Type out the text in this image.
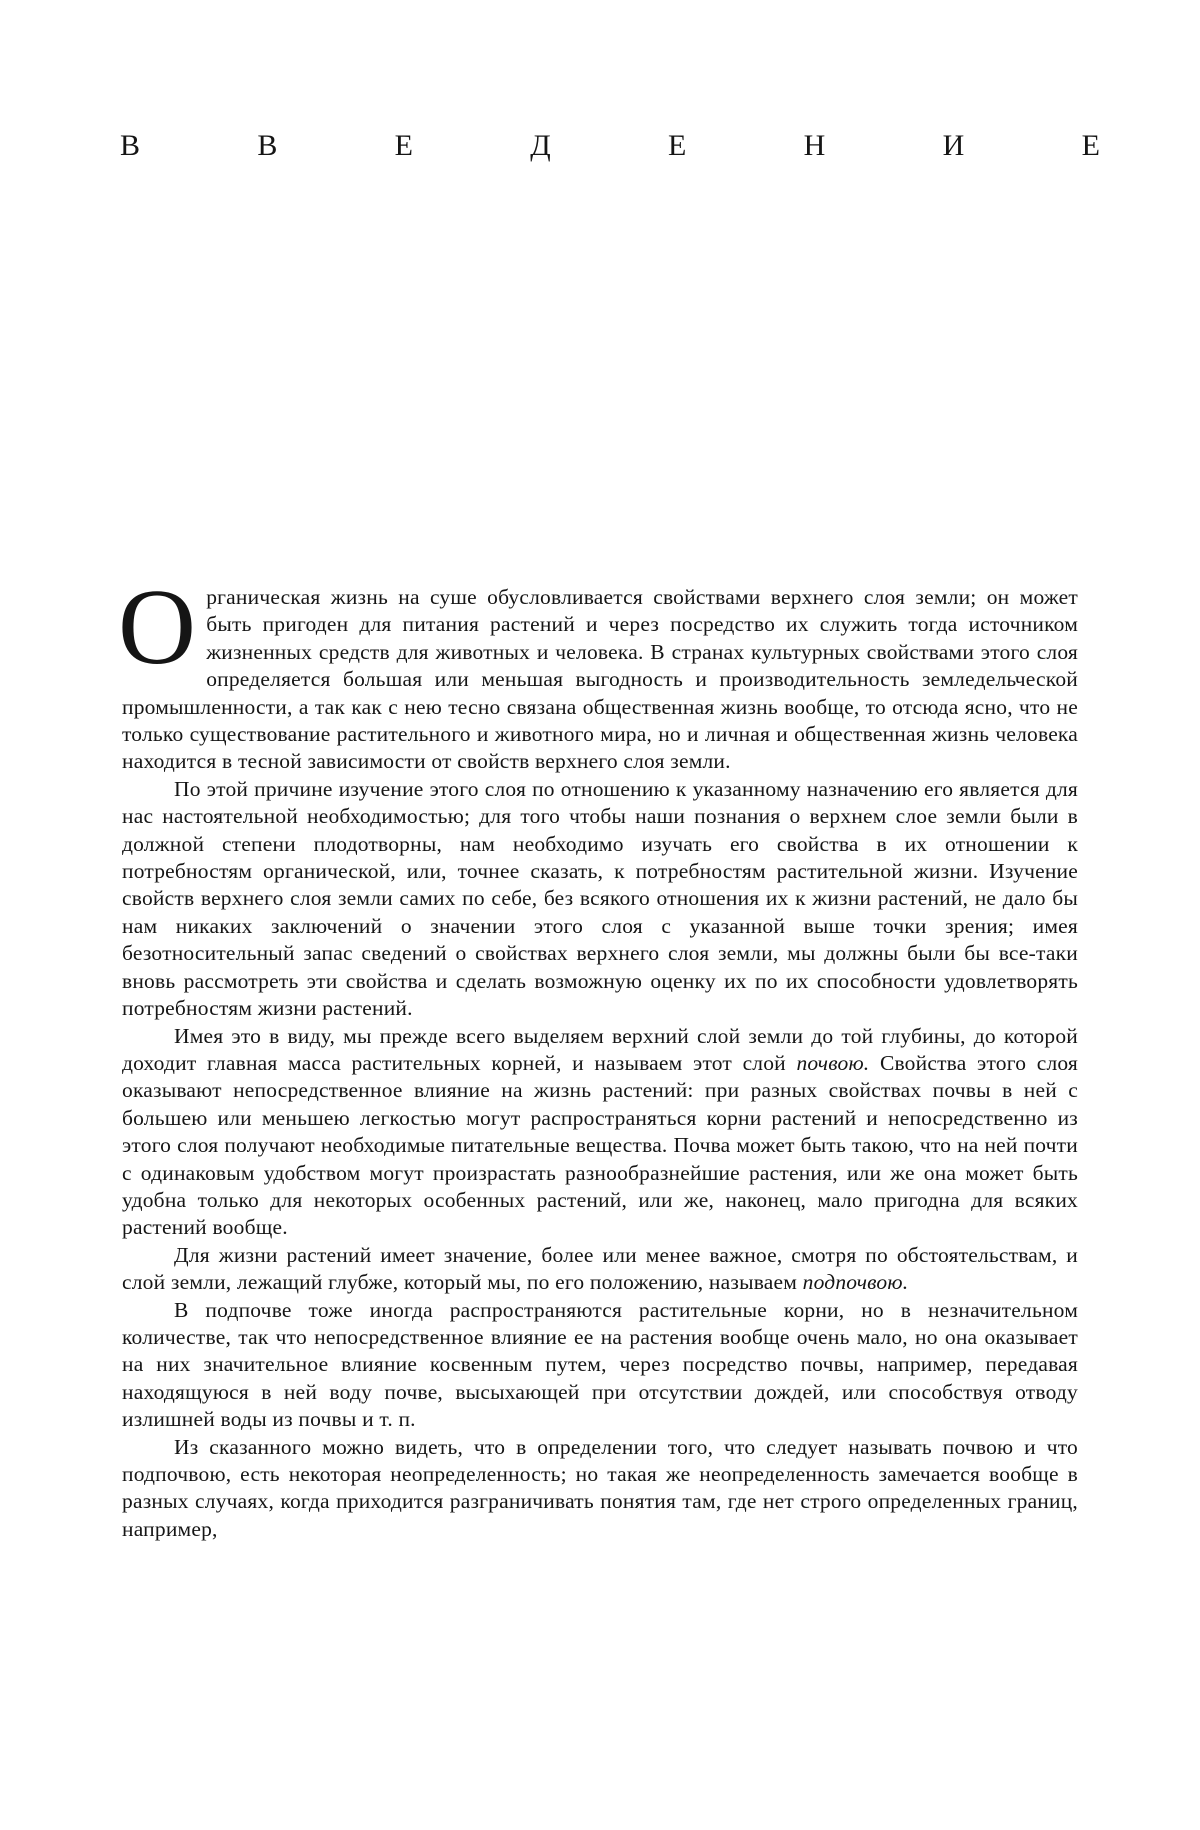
В	В	Е	Д	Е	Н	И	Е

Органическая жизнь на суше обусловливается свойствами верхнего слоя земли; он может быть пригоден для питания растений и через посредство их служить тогда источником жизненных средств для животных и человека. В странах культурных свойствами этого слоя определяется большая или меньшая выгодность и производительность земледельческой промышленности, а так как с нею тесно связана общественная жизнь вообще, то отсюда ясно, что не только существование растительного и животного мира, но и личная и общественная жизнь человека находится в тесной зависимости от свойств верхнего слоя земли.

По этой причине изучение этого слоя по отношению к указанному назначению его является для нас настоятельной необходимостью; для того чтобы наши познания о верхнем слое земли были в должной степени плодотворны, нам необходимо изучать его свойства в их отношении к потребностям органической, или, точнее сказать, к потребностям растительной жизни. Изучение свойств верхнего слоя земли самих по себе, без всякого отношения их к жизни растений, не дало бы нам никаких заключений о значении этого слоя с указанной выше точки зрения; имея безотносительный запас сведений о свойствах верхнего слоя земли, мы должны были бы все-таки вновь рассмотреть эти свойства и сделать возможную оценку их по их способности удовлетворять потребностям жизни растений.

Имея это в виду, мы прежде всего выделяем верхний слой земли до той глубины, до которой доходит главная масса растительных корней, и называем этот слой почвою. Свойства этого слоя оказывают непосредственное влияние на жизнь растений: при разных свойствах почвы в ней с большею или меньшею легкостью могут распространяться корни растений и непосредственно из этого слоя получают необходимые питательные вещества. Почва может быть такою, что на ней почти с одинаковым удобством могут произрастать разнообразнейшие растения, или же она может быть удобна только для некоторых особенных растений, или же, наконец, мало пригодна для всяких растений вообще.

Для жизни растений имеет значение, более или менее важное, смотря по обстоятельствам, и слой земли, лежащий глубже, который мы, по его положению, называем подпочвою.

В подпочве тоже иногда распространяются растительные корни, но в незначительном количестве, так что непосредственное влияние ее на растения вообще очень мало, но она оказывает на них значительное влияние косвенным путем, через посредство почвы, например, передавая находящуюся в ней воду почве, высыхающей при отсутствии дождей, или способствуя отводу излишней воды из почвы и т. п.

Из сказанного можно видеть, что в определении того, что следует называть почвою и что подпочвою, есть некоторая неопределенность; но такая же неопределенность замечается вообще в разных случаях, когда приходится разграничивать понятия там, где нет строго определенных границ, например,
